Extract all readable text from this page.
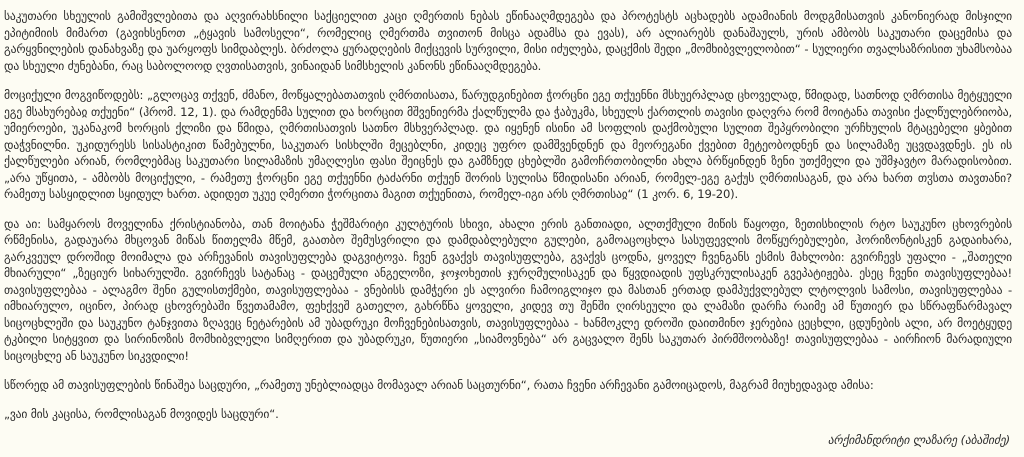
საკუთარი სხეულის გამიშვლებითა და აღვირახსნილი საქციელით კაცი ღმერთის ნებას ეწინააღმდეგება და პროტესტს აცხადებს ადამიანის მოდგმისათვის კანონიერად მისჯილი ეპიტიმიის მიმართ (გავიხსენოთ „ტყავის სამოსელი“, რომელიც ღმერთმა თვითონ მისცა ადამსა და ევას), არ ალიარებს დანაშაულს, ურის ამბობს საკუთარი დაცემისა და გარყვნილების დანახვაზე და უარყოფს სიმდაბლეს. ბრძოლა ყურადღების მიქცევის სურვილი, მისი იძულება, დაცქმის შედი „მომხიბვლელობით“ - სულიერი თვალსაზრისით უხამსობაა და სხეული ძუნებანი, რაც საბოლოოდ ღვთისათვის, ვინაიდან სიმსხელის კანონს ეწინააღმდეგება.

მოციქული მოგვიწოდებს: „გლოცავ თქვენ, ძმანო, მოწყალებათათვის ღმრთისათა, წარუდგინებით ჭორცნი ეგე თქუენნი მსხუერპლად ცხოველად, წმიდად, სათნოდ ღმრთისა მეტყუელი ეგე მსახურებაჲ თქუენი“ (ჰრომ. 12, 1). და რამდენმა სულით და ხორცით მშვენიერმა ქალწულმა და ჭაბუკმა, სხეულს ქართლის თავისი დაღვრა რომ მოიტანა თავისი ქალწულებრიობა, უმიეროები, უკანაკომ ხორცის ქლიზი და წმიდა, ღმრთისათვის სათნო მსხვერპლად. და იყენენ ისინი ამ სოფლის დაქმობული სულით შეპყრობილი ურჩხულის მტაცებელი ყბებით დაჭვნილნი. უკიდურესს სისასტიკით წამებულნი, საკუთარ სისხლში მეცებლნი, კიდეც უფრო დამშვენდნენ და მეორეგანი ქვებით მეტეობოდნენ და სილამაზე უცვდავდნეს. ეს ის ქალწულები არიან, რომლებმაც საკუთარი სილამაზის უმაღლესი ფასი შეიცნეს და გამზნედ ცხებლში გამოჩრთობილნი ახლა ბრწყინდენ ზენი უთქმელი და უშმჯავტო მარადისობით. „არა უწყითა, - ამბობს მოციქული, - რამეთუ ჭორცნი ეგე თქუენნი ტაძარნი თქუენ შორის სულისა წმიდისანი არიან, რომელ-ეგე გაქუს ღმრთისაგან, და არა ხართ თჳსთა თავთანი? რამეთუ სასყიდლით სყიდულ ხართ. ადიდეთ უკუე ღმერთი ჭორცითა მაგით თქუენითა, რომელ-იგი არს ღმრთისაჲ“ (1 კორ. 6, 19-20).

და აი: სამყაროს მოველინა ქრისტიანობა, თან მოიტანა ჭეშმარიტი კულტურის სხივი, ახალი ერის განთიადი, ალთქმული მიწის წაყოფი, ზეთისხილის რტო საუკუნო ცხოვრების რწმენისა, გადაუარა მხცოვან მიწას წითელმა მწემ, გაათბო შემუსვრილი და დამდაბლებული გულები, გამოაცოცხლა სასუფევლის მოწყურებულები, ჰორიზონტისკენ გადაიხარა, გარკვეულ დროშიდ მოიმალა და არჩევანის თავისუფლება დაგვიტოვა. ჩვენ გვაქვს თავისუფლება, გვაქვს ცოდნა, ყოველ ჩვენგანს ესმის მახლობი: გვირჩევს უფალი - „შათელი მხიარული“ „ზეციურ სიხარულში. გვირჩევს სატანაც - დაცემული ანგელოზი, ჯოჯოხეთის ჯურღმულისაკენ და წყვდიადის უფსკრულისაკენ გვეპატიჟება. ესეც ჩვენი თავისუფლებაა! თავისუფლებაა - ალაგმო შენი გულისთქმები, თავისუფლებაა - ვნებისს დამჭერი ეს ალვირი ჩამოიგლიჯო და მასთან ერთად დამპუქვლებულ ლტოლვის სამოსი, თავისუფლებაა - იმხიარულო, იცინო, პირად ცხოვრებაში წვეთამამო, ფეხქვეშ გათელო, გახრწნა ყოველი, კიდევ თუ შენში ღირსეული და ლამაზი დარჩა რაიმე ამ წუთიერ და სწრაფწარმავალ სიცოცხლეში და საუკუნო ტანჯვითა ზღავეც ნეტარების ამ უბადრუკი მოჩვენებისათვის, თავისუფლებაა - ხანმოკლე დროში დაითმინო ჯერებია ცეცხლი, ცდუნების ალი, არ მოეტყუდე ტკბილი სიტყვით და სირინოზის მომხიბვლელი სიმღერით და უბადრუკი, წუთიერი „სიამოვნება“ არ გაცვალო შენს საკუთარ პირმშოობაზე! თავისუფლებაა - აირჩიონ მარადიული სიცოცხლე ან საუკუნო სიკვდილი!

სწორედ ამ თავისუფლების წინაშეა საცდური, „რამეთუ უნებლიადცა მომავალ არიან საცთურნი“, რათა ჩვენი არჩევანი გამოიცადოს, მაგრამ მიუხედავად ამისა:

„ვაი მის კაცისა, რომლისაგან მოვიდეს საცდური“.

არქიმანდრიტი ლაზარე (აბაშიძე)
